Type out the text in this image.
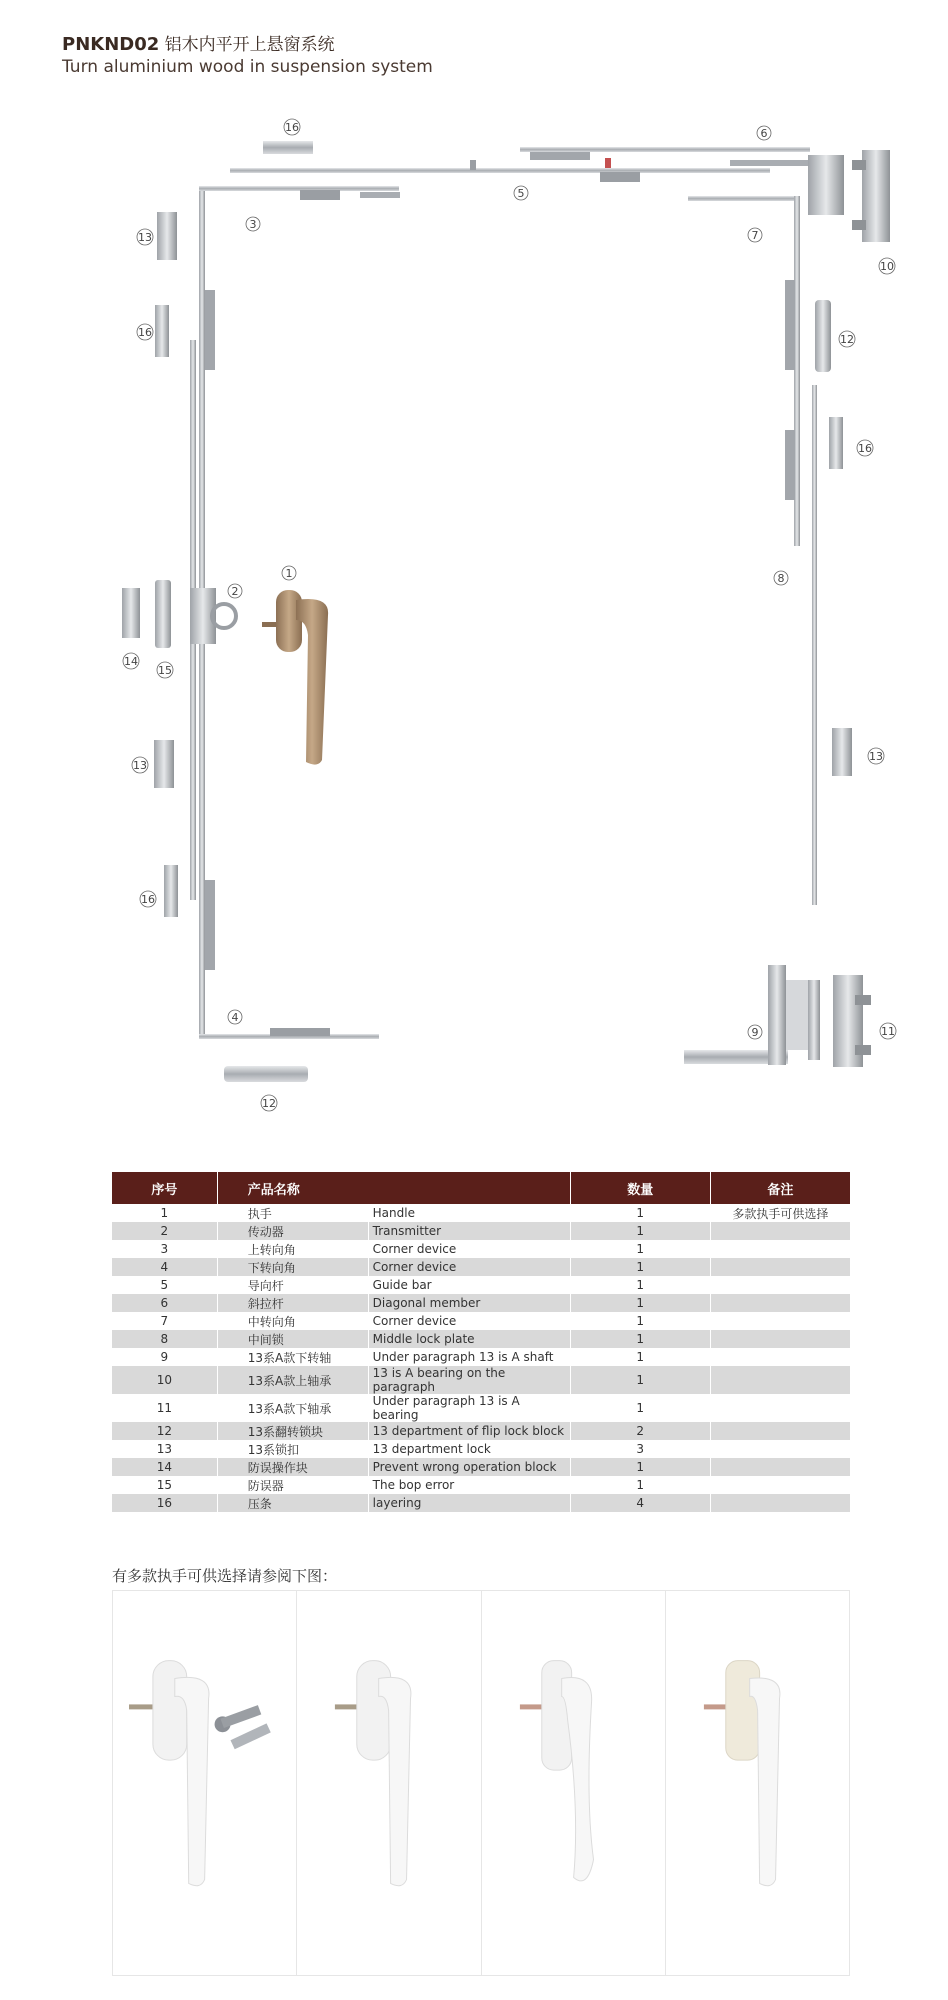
PNKND02 铝木内平开上悬窗系统
Turn aluminium wood in suspension system
1
2
3
4
5
6
7
8
9
10
11
12
12
13
13
13
14
15
16
16
16
16
序号	产品名称		数量	备注
1	执手	Handle	1	多款执手可供选择
2	传动器	Transmitter	1	
3	上转向角	Corner device	1	
4	下转向角	Corner device	1	
5	导向杆	Guide bar	1	
6	斜拉杆	Diagonal member	1	
7	中转向角	Corner device	1	
8	中间锁	Middle lock plate	1	
9	13系A款下转轴	Under paragraph 13 is A shaft	1	
10	13系A款上轴承	13 is A bearing on the paragraph	1	
11	13系A款下轴承	Under paragraph 13 is A bearing	1	
12	13系翻转锁块	13 department of flip lock block	2	
13	13系锁扣	13 department lock	3	
14	防误操作块	Prevent wrong operation block	1	
15	防误器	The bop error	1	
16	压条	layering	4	
有多款执手可供选择请参阅下图：
